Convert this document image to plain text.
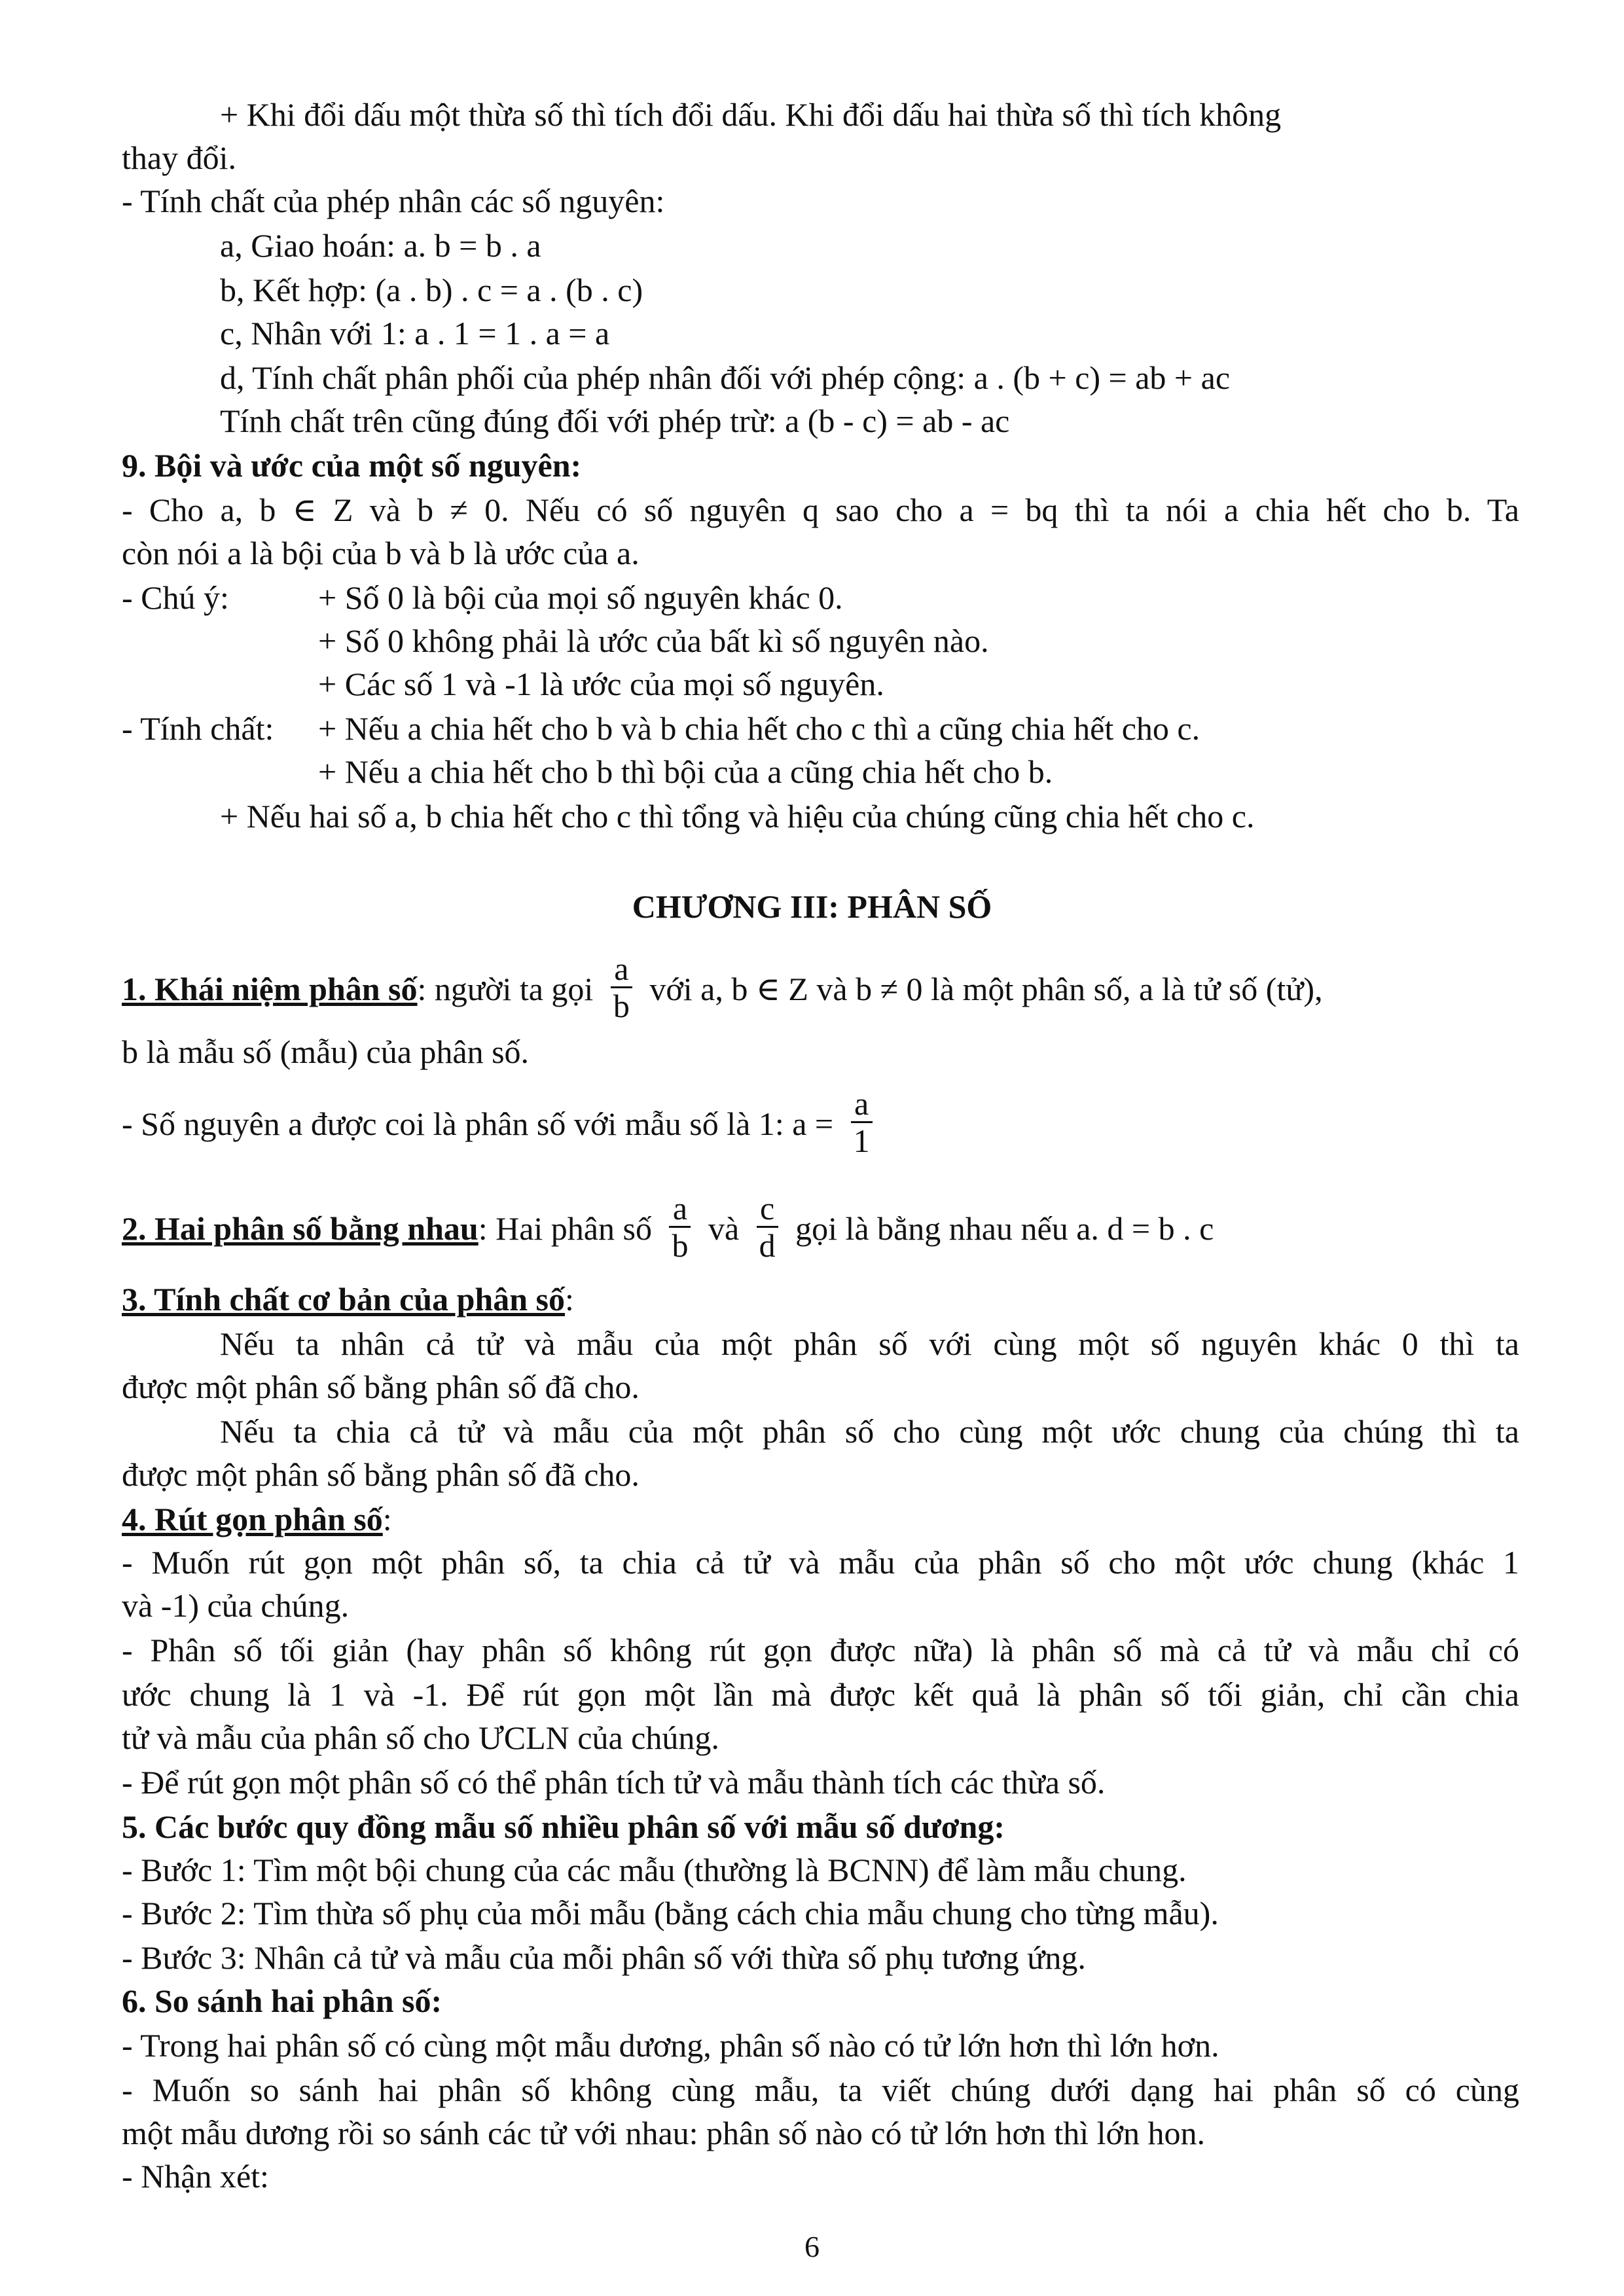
+ Khi đổi dấu một thừa số thì tích đổi dấu. Khi đổi dấu hai thừa số thì tích không
thay đổi.
- Tính chất của phép nhân các số nguyên:
a, Giao hoán: a. b = b . a
b, Kết hợp: (a . b) . c = a . (b . c)
c, Nhân với 1: a . 1 = 1 . a = a
d, Tính chất phân phối của phép nhân đối với phép cộng: a . (b + c) = ab + ac
Tính chất trên cũng đúng đối với phép trừ: a (b - c) = ab - ac
9. Bội và ước của một số nguyên:
- Cho a, b ∈ Z và b ≠ 0. Nếu có số nguyên q sao cho a = bq thì ta nói a chia hết cho b. Ta
còn nói a là bội của b và b là ước của a.
- Chú ý:	+ Số 0 là bội của mọi số nguyên khác 0.
+ Số 0 không phải là ước của bất kì số nguyên nào.
+ Các số 1 và -1 là ước của mọi số nguyên.
- Tính chất: + Nếu a chia hết cho b và b chia hết cho c thì a cũng chia hết cho c.
+ Nếu a chia hết cho b thì bội của a cũng chia hết cho b.
+ Nếu hai số a, b chia hết cho c thì tổng và hiệu của chúng cũng chia hết cho c.
CHƯƠNG III: PHÂN SỐ
1. Khái niệm phân số: người ta gọi $\frac{a}{b}$ với a, b ∈ Z và b ≠ 0 là một phân số, a là tử số (tử),
b là mẫu số (mẫu) của phân số.
- Số nguyên a được coi là phân số với mẫu số là 1: $a = \frac{a}{1}$
2. Hai phân số bằng nhau: Hai phân số $\frac{a}{b}$ và $\frac{c}{d}$ gọi là bằng nhau nếu a. d = b . c
3. Tính chất cơ bản của phân số:
Nếu ta nhân cả tử và mẫu của một phân số với cùng một số nguyên khác 0 thì ta
được một phân số bằng phân số đã cho.
Nếu ta chia cả tử và mẫu của một phân số cho cùng một ước chung của chúng thì ta
được một phân số bằng phân số đã cho.
4. Rút gọn phân số:
- Muốn rút gọn một phân số, ta chia cả tử và mẫu của phân số cho một ước chung (khác 1
và -1) của chúng.
- Phân số tối giản (hay phân số không rút gọn được nữa) là phân số mà cả tử và mẫu chỉ có
ước chung là 1 và -1. Để rút gọn một lần mà được kết quả là phân số tối giản, chỉ cần chia
tử và mẫu của phân số cho ƯCLN của chúng.
- Để rút gọn một phân số có thể phân tích tử và mẫu thành tích các thừa số.
5. Các bước quy đồng mẫu số nhiều phân số với mẫu số dương:
- Bước 1: Tìm một bội chung của các mẫu (thường là BCNN) để làm mẫu chung.
- Bước 2: Tìm thừa số phụ của mỗi mẫu (bằng cách chia mẫu chung cho từng mẫu).
- Bước 3: Nhân cả tử và mẫu của mỗi phân số với thừa số phụ tương ứng.
6. So sánh hai phân số:
- Trong hai phân số có cùng một mẫu dương, phân số nào có tử lớn hơn thì lớn hơn.
- Muốn so sánh hai phân số không cùng mẫu, ta viết chúng dưới dạng hai phân số có cùng
một mẫu dương rồi so sánh các tử với nhau: phân số nào có tử lớn hơn thì lớn hon.
- Nhận xét:
6
